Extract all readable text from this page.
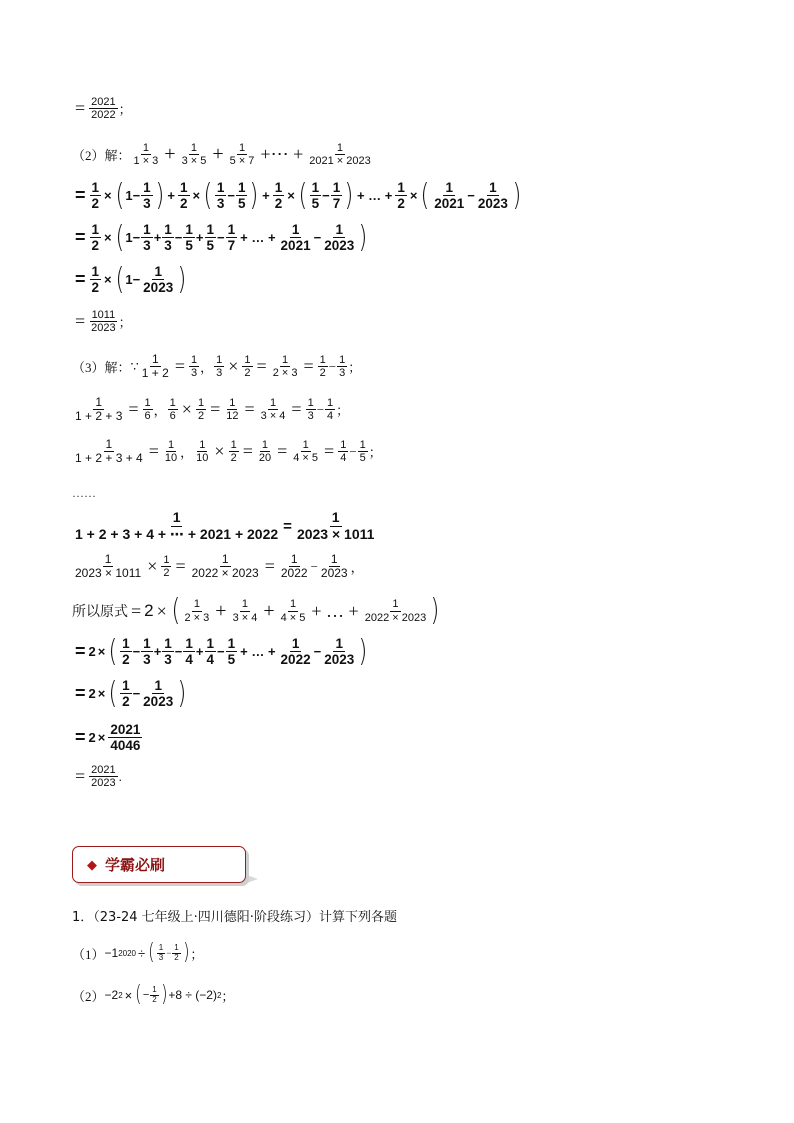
= $\frac{2021}{2022}$ ；
（2）解： $\frac{1}{1 \times 3} + \frac{1}{3 \times 5} + \frac{1}{5 \times 7}$ +⋯ + $\frac{1}{2021 \times 2023}$
= $\frac{1}{2}$ × ( $1- \frac{1}{3}$ ) + $\frac{1}{2}$ × ( $\frac{1}{3} - \frac{1}{5}$ ) + $\frac{1}{2}$ × ( $\frac{1}{5} - \frac{1}{7}$ ) + … + $\frac{1}{2}$ × ( $\frac{1}{2021} - \frac{1}{2023}$ )
= $\frac{1}{2}$ × ( $1- \frac{1}{3} + \frac{1}{3} - \frac{1}{5} + \frac{1}{5} - \frac{1}{7}$ + … + $\frac{1}{2021} - \frac{1}{2023}$ )
= $\frac{1}{2}$ × ( $1- \frac{1}{2023}$ )
= $\frac{1011}{2023}$ ；
（3）解： ∵ $\frac{1}{1 + 2} = \frac{1}{3}$ ， $\frac{1}{3} \times \frac{1}{2} = \frac{1}{2 \times 3} = \frac{1}{2} - \frac{1}{3}$ ；
$\frac{1}{1 + 2 + 3} = \frac{1}{6}$ ， $\frac{1}{6} \times \frac{1}{2} = \frac{1}{12} = \frac{1}{3 \times 4} = \frac{1}{3} - \frac{1}{4}$ ；
$\frac{1}{1 + 2 + 3 + 4} = \frac{1}{10}$ ， $\frac{1}{10} \times \frac{1}{2} = \frac{1}{20} = \frac{1}{4 \times 5} = \frac{1}{4} - \frac{1}{5}$ ；
……
$\frac{1}{1 + 2 + 3 + 4 + \cdots + 2021 + 2022} = \frac{1}{2023 \times 1011}$
$\frac{1}{2023 \times 1011} \times \frac{1}{2} = \frac{1}{2022 \times 2023} = \frac{1}{2022} - \frac{1}{2023}$ ，
所以原式 = 2 × ( $\frac{1}{2 \times 3} + \frac{1}{3 \times 4} + \frac{1}{4 \times 5}$ + … + $\frac{1}{2022 \times 2023}$ )
= 2 × ( $\frac{1}{2} - \frac{1}{3} + \frac{1}{3} - \frac{1}{4} + \frac{1}{4} - \frac{1}{5}$ + … + $\frac{1}{2022} - \frac{1}{2023}$ )
= 2 × ( $\frac{1}{2} - \frac{1}{2023}$ )
= $2 \times \frac{2021}{4046}$
= $\frac{2021}{2023}$ .
◆ 学霸必刷
1．（23-24 七年级上·四川德阳·阶段练习）计算下列各题
（1） −1 2020 ÷ ( $\frac{1}{3} - \frac{1}{2}$ ) ；
（2） −2 2 × ( − $\frac{1}{2}$ ) +8 ÷ (−2) 2 ；
